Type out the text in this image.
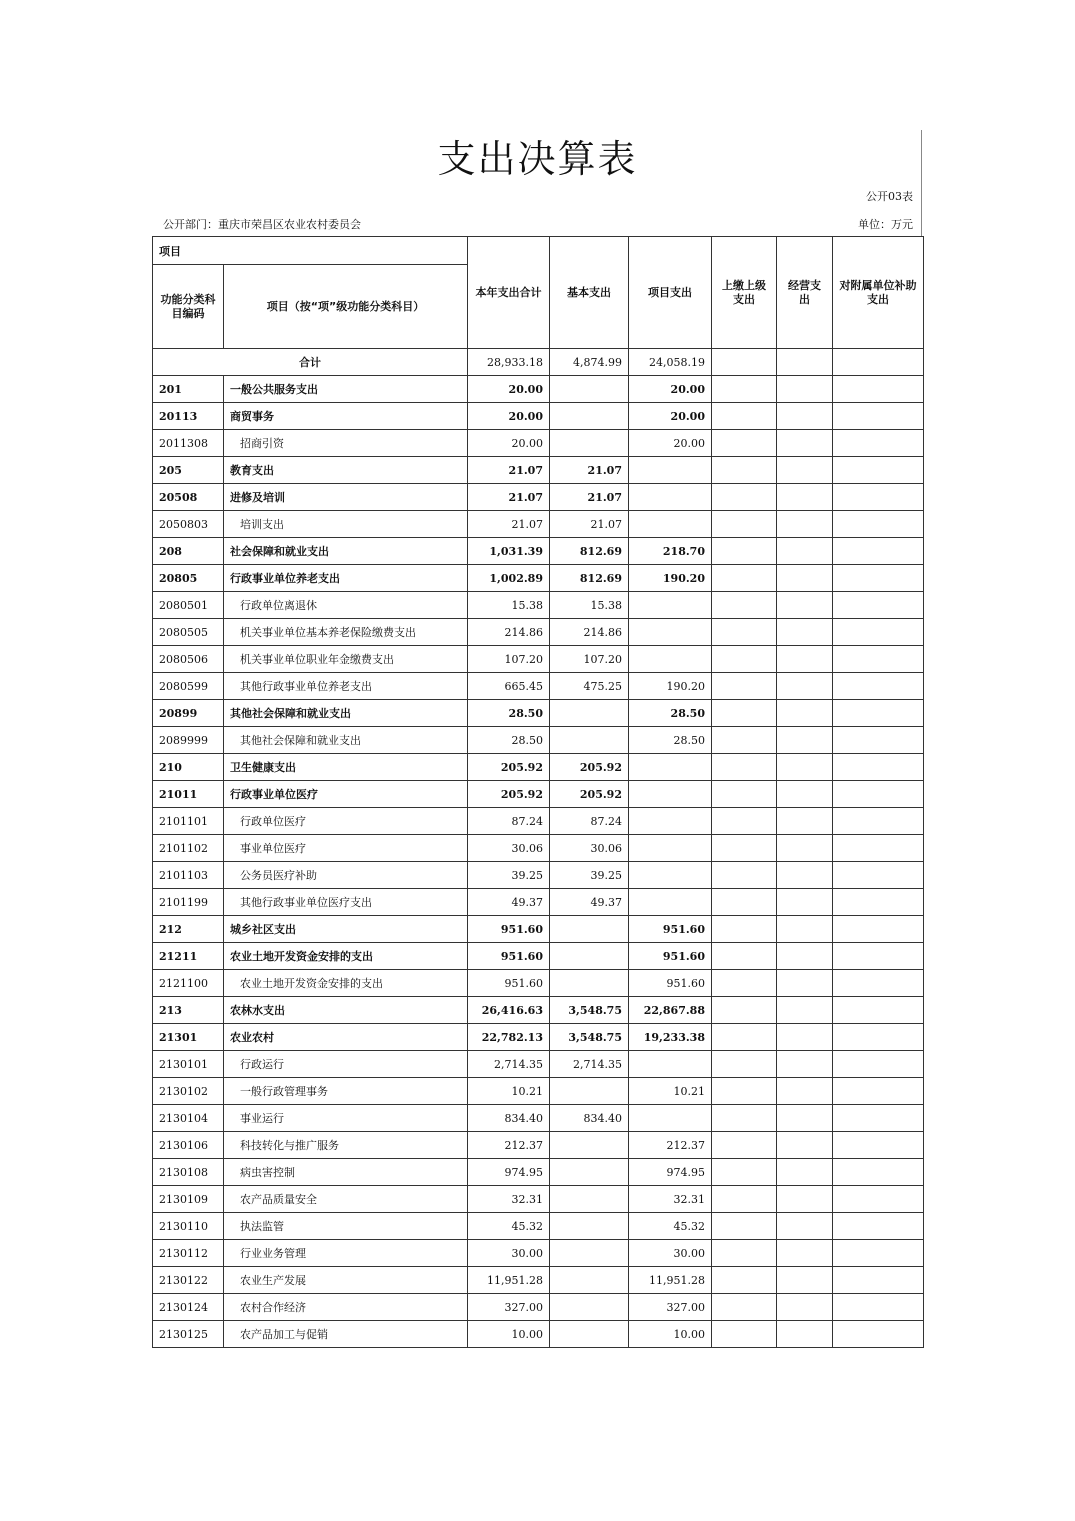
支出决算表
公开03表
公开部门：重庆市荣昌区农业农村委员会	单位：万元
项目		本年支出合计	基本支出	项目支出	上缴上级支出	经营支出	对附属单位补助支出
功能分类科目编码	项目（按“项”级功能分类科目）						
合计		28,933.18	4,874.99	24,058.19			
201	一般公共服务支出	20.00		20.00			
20113	商贸事务	20.00		20.00			
2011308	招商引资	20.00		20.00			
205	教育支出	21.07	21.07				
20508	进修及培训	21.07	21.07				
2050803	培训支出	21.07	21.07				
208	社会保障和就业支出	1,031.39	812.69	218.70			
20805	行政事业单位养老支出	1,002.89	812.69	190.20			
2080501	行政单位离退休	15.38	15.38				
2080505	机关事业单位基本养老保险缴费支出	214.86	214.86				
2080506	机关事业单位职业年金缴费支出	107.20	107.20				
2080599	其他行政事业单位养老支出	665.45	475.25	190.20			
20899	其他社会保障和就业支出	28.50		28.50			
2089999	其他社会保障和就业支出	28.50		28.50			
210	卫生健康支出	205.92	205.92				
21011	行政事业单位医疗	205.92	205.92				
2101101	行政单位医疗	87.24	87.24				
2101102	事业单位医疗	30.06	30.06				
2101103	公务员医疗补助	39.25	39.25				
2101199	其他行政事业单位医疗支出	49.37	49.37				
212	城乡社区支出	951.60		951.60			
21211	农业土地开发资金安排的支出	951.60		951.60			
2121100	农业土地开发资金安排的支出	951.60		951.60			
213	农林水支出	26,416.63	3,548.75	22,867.88			
21301	农业农村	22,782.13	3,548.75	19,233.38			
2130101	行政运行	2,714.35	2,714.35				
2130102	一般行政管理事务	10.21		10.21			
2130104	事业运行	834.40	834.40				
2130106	科技转化与推广服务	212.37		212.37			
2130108	病虫害控制	974.95		974.95			
2130109	农产品质量安全	32.31		32.31			
2130110	执法监管	45.32		45.32			
2130112	行业业务管理	30.00		30.00			
2130122	农业生产发展	11,951.28		11,951.28			
2130124	农村合作经济	327.00		327.00			
2130125	农产品加工与促销	10.00		10.00			
